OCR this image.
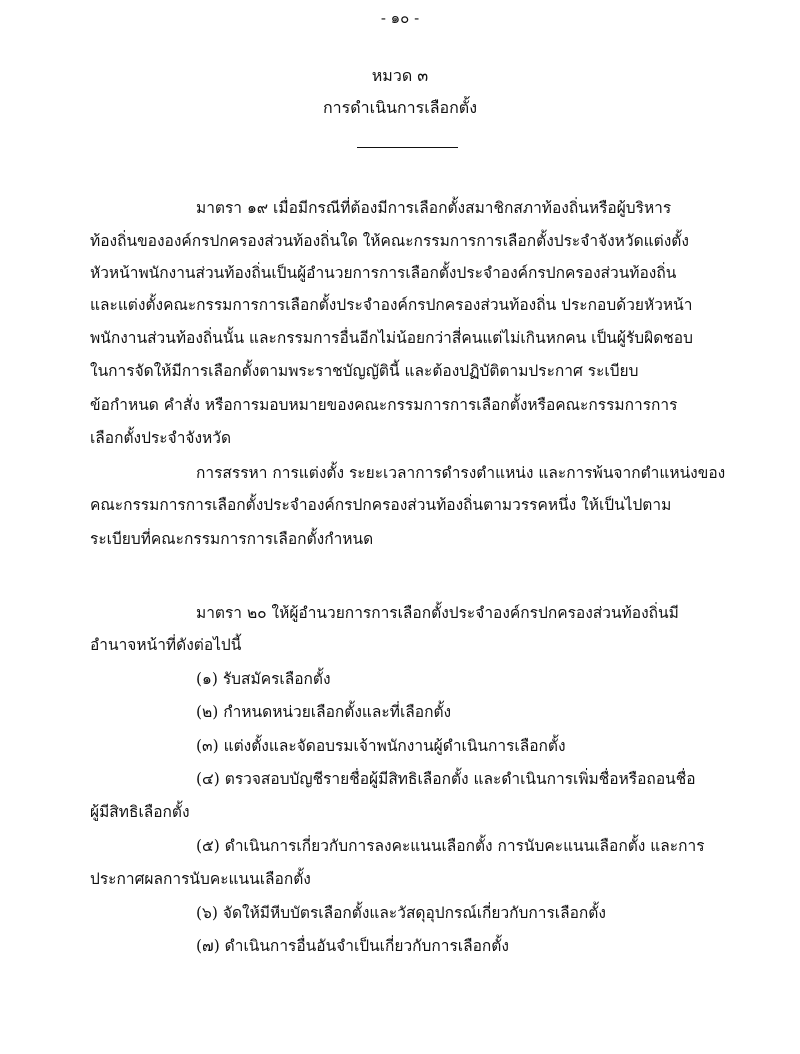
- ๑๐ -
หมวด ๓
การดำเนินการเลือกตั้ง
มาตรา ๑๙ เมื่อมีกรณีที่ต้องมีการเลือกตั้งสมาชิกสภาท้องถิ่นหรือผู้บริหาร
ท้องถิ่นขององค์กรปกครองส่วนท้องถิ่นใด ให้คณะกรรมการการเลือกตั้งประจำจังหวัดแต่งตั้ง
หัวหน้าพนักงานส่วนท้องถิ่นเป็นผู้อำนวยการการเลือกตั้งประจำองค์กรปกครองส่วนท้องถิ่น
และแต่งตั้งคณะกรรมการการเลือกตั้งประจำองค์กรปกครองส่วนท้องถิ่น ประกอบด้วยหัวหน้า
พนักงานส่วนท้องถิ่นนั้น และกรรมการอื่นอีกไม่น้อยกว่าสี่คนแต่ไม่เกินหกคน เป็นผู้รับผิดชอบ
ในการจัดให้มีการเลือกตั้งตามพระราชบัญญัตินี้ และต้องปฏิบัติตามประกาศ ระเบียบ
ข้อกำหนด คำสั่ง หรือการมอบหมายของคณะกรรมการการเลือกตั้งหรือคณะกรรมการการ
เลือกตั้งประจำจังหวัด
การสรรหา การแต่งตั้ง ระยะเวลาการดำรงตำแหน่ง และการพ้นจากตำแหน่งของ
คณะกรรมการการเลือกตั้งประจำองค์กรปกครองส่วนท้องถิ่นตามวรรคหนึ่ง ให้เป็นไปตาม
ระเบียบที่คณะกรรมการการเลือกตั้งกำหนด
มาตรา ๒๐ ให้ผู้อำนวยการการเลือกตั้งประจำองค์กรปกครองส่วนท้องถิ่นมี
อำนาจหน้าที่ดังต่อไปนี้
(๑) รับสมัครเลือกตั้ง
(๒) กำหนดหน่วยเลือกตั้งและที่เลือกตั้ง
(๓) แต่งตั้งและจัดอบรมเจ้าพนักงานผู้ดำเนินการเลือกตั้ง
(๔) ตรวจสอบบัญชีรายชื่อผู้มีสิทธิเลือกตั้ง และดำเนินการเพิ่มชื่อหรือถอนชื่อ
ผู้มีสิทธิเลือกตั้ง
(๕) ดำเนินการเกี่ยวกับการลงคะแนนเลือกตั้ง การนับคะแนนเลือกตั้ง และการ
ประกาศผลการนับคะแนนเลือกตั้ง
(๖) จัดให้มีหีบบัตรเลือกตั้งและวัสดุอุปกรณ์เกี่ยวกับการเลือกตั้ง
(๗) ดำเนินการอื่นอันจำเป็นเกี่ยวกับการเลือกตั้ง
